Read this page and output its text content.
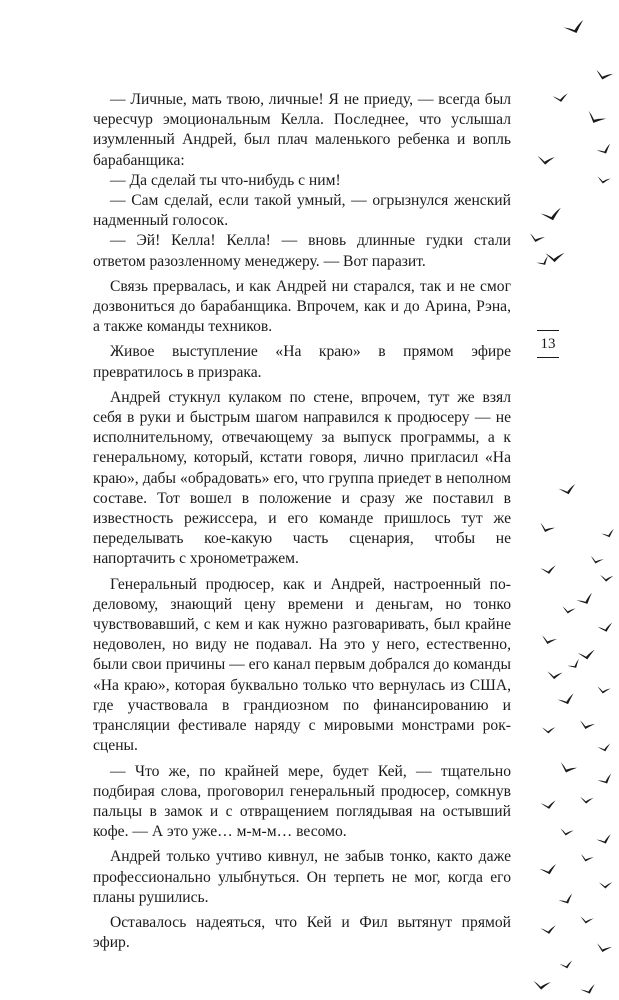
— Личные, мать твою, личные! Я не приеду, — всегда был чересчур эмоциональным Келла. Последнее, что услышал изумленный Андрей, был плач маленького ребенка и вопль барабанщика:

— Да сделай ты что-нибудь с ним!

— Сам сделай, если такой умный, — огрызнулся женский надменный голосок.

— Эй! Келла! Келла! — вновь длинные гудки стали ответом разозленному менеджеру. — Вот паразит.

Связь прервалась, и как Андрей ни старался, так и не смог дозвониться до барабанщика. Впрочем, как и до Арина, Рэна, а также команды техников.

Живое выступление «На краю» в прямом эфире превратилось в призрака.

Андрей стукнул кулаком по стене, впрочем, тут же взял себя в руки и быстрым шагом направился к продюсеру — не исполнительному, отвечающему за выпуск программы, а к генеральному, который, кстати говоря, лично пригласил «На краю», дабы «обрадовать» его, что группа приедет в неполном составе. Тот вошел в положение и сразу же поставил в известность режиссера, и его команде пришлось тут же переделывать кое-какую часть сценария, чтобы не напортачить с хронометражем.

Генеральный продюсер, как и Андрей, настроенный по-деловому, знающий цену времени и деньгам, но тонко чувствовавший, с кем и как нужно разговаривать, был крайне недоволен, но виду не подавал. На это у него, естественно, были свои причины — его канал первым добрался до команды «На краю», которая буквально только что вернулась из США, где участвовала в грандиозном по финансированию и трансляции фестивале наряду с мировыми монстрами рок-сцены.

— Что же, по крайней мере, будет Кей, — тщательно подбирая слова, проговорил генеральный продюсер, сомкнув пальцы в замок и с отвращением поглядывая на остывший кофе. — А это уже… м-м-м… весомо.

Андрей только учтиво кивнул, не забыв тонко, както даже профессионально улыбнуться. Он терпеть не мог, когда его планы рушились.

Оставалось надеяться, что Кей и Фил вытянут прямой эфир.

13
